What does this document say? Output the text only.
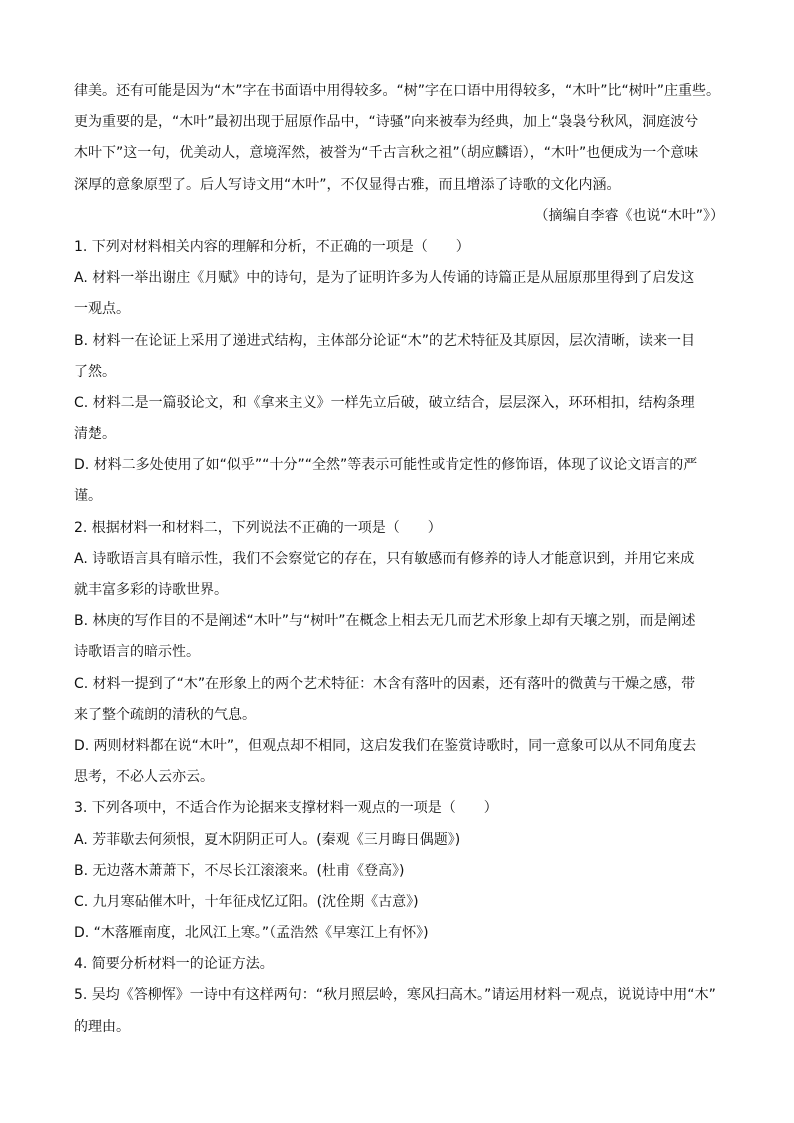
律美。还有可能是因为“木”字在书面语中用得较多。“树”字在口语中用得较多，“木叶”比“树叶”庄重些。
更为重要的是，“木叶”最初出现于屈原作品中，“诗骚”向来被奉为经典，加上“袅袅兮秋风，洞庭波兮
木叶下”这一句，优美动人，意境浑然，被誉为“千古言秋之祖”（胡应麟语），“木叶”也便成为一个意味
深厚的意象原型了。后人写诗文用“木叶”，不仅显得古雅，而且增添了诗歌的文化内涵。
（摘编自李睿《也说“木叶”》）
1. 下列对材料相关内容的理解和分析，不正确的一项是（　　）
A. 材料一举出谢庄《月赋》中的诗句，是为了证明许多为人传诵的诗篇正是从屈原那里得到了启发这
一观点。
B. 材料一在论证上采用了递进式结构，主体部分论证“木”的艺术特征及其原因，层次清晰，读来一目
了然。
C. 材料二是一篇驳论文，和《拿来主义》一样先立后破，破立结合，层层深入，环环相扣，结构条理
清楚。
D. 材料二多处使用了如“似乎”“十分”“全然”等表示可能性或肯定性的修饰语，体现了议论文语言的严
谨。
2. 根据材料一和材料二，下列说法不正确的一项是（　　）
A. 诗歌语言具有暗示性，我们不会察觉它的存在，只有敏感而有修养的诗人才能意识到，并用它来成
就丰富多彩的诗歌世界。
B. 林庚的写作目的不是阐述“木叶”与“树叶”在概念上相去无几而艺术形象上却有天壤之别，而是阐述
诗歌语言的暗示性。
C. 材料一提到了“木”在形象上的两个艺术特征：木含有落叶的因素，还有落叶的微黄与干燥之感，带
来了整个疏朗的清秋的气息。
D. 两则材料都在说“木叶”，但观点却不相同，这启发我们在鉴赏诗歌时，同一意象可以从不同角度去
思考，不必人云亦云。
3. 下列各项中，不适合作为论据来支撑材料一观点的一项是（　　）
A. 芳菲歇去何须恨，夏木阴阴正可人。(秦观《三月晦日偶题》)
B. 无边落木萧萧下，不尽长江滚滚来。(杜甫《登高》)
C. 九月寒砧催木叶，十年征戍忆辽阳。(沈佺期《古意》)
D. “木落雁南度，北风江上寒。”（孟浩然《早寒江上有怀》)
4. 简要分析材料一的论证方法。
5. 吴均《答柳恽》一诗中有这样两句：“秋月照层岭，寒风扫高木。”请运用材料一观点，说说诗中用“木”
的理由。
